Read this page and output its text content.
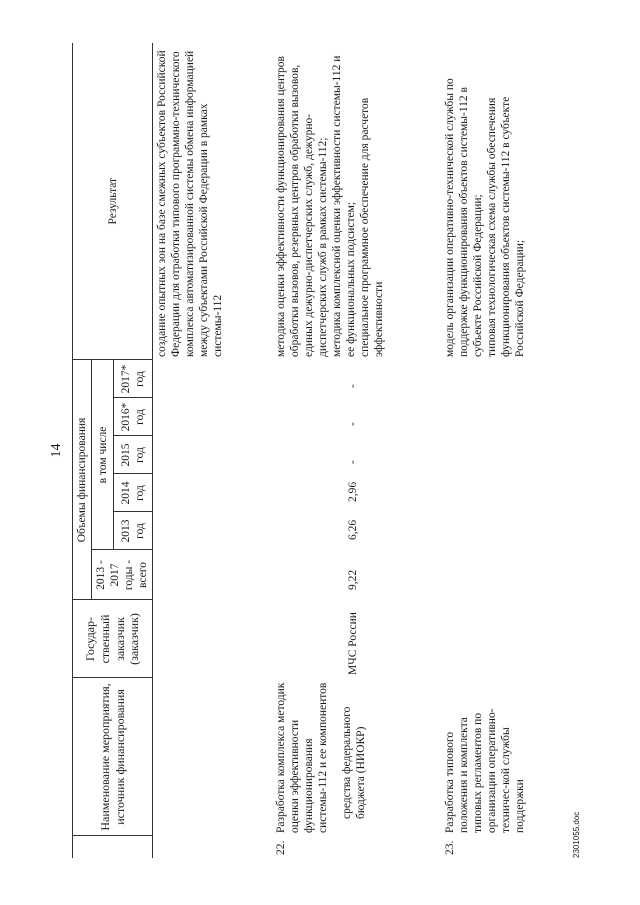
14
	Наименование мероприятия, источник финансирования	Государ-ственный заказчик (заказчик)	Объемы финансирования						Результат
			2013 - 2017 годы - всего	в том числе					
				2013 год	2014 год	2015 год	2016* год	2017* год	

								создание опытных зон на базе смежных субъектов Российской Федерации для отработки типового программно-технического комплекса автоматизированной системы обмена информацией между субъектами Российской Федерации в рамках системы-112
22.	Разработка комплекса методик оценки эффективности функционирования системы-112 и ее компонентов средства федерального бюджета (НИОКР)	МЧС России	9,22	6,26	2,96	-	-	-	методика оценки эффективности функционирования центров обработки вызовов, резервных центров обработки вызовов, единых дежурно-диспетчерских служб, дежурно-диспетчерских служб в рамках системы-112;
методика комплексной оценки эффективности системы-112 и ее функциональных подсистем;
специальное программное обеспечение для расчетов эффективности
23.	Разработка типового положения и комплекта типовых регламентов по организации оперативно-техничес-кой службы поддержки								модель организации оперативно-технической службы по поддержке функционирования объектов системы-112 в субъекте Российской Федерации;
типовая технологическая схема службы обеспечения функционирования объектов системы-112 в субъекте Российской Федерации;
2301055.doc
